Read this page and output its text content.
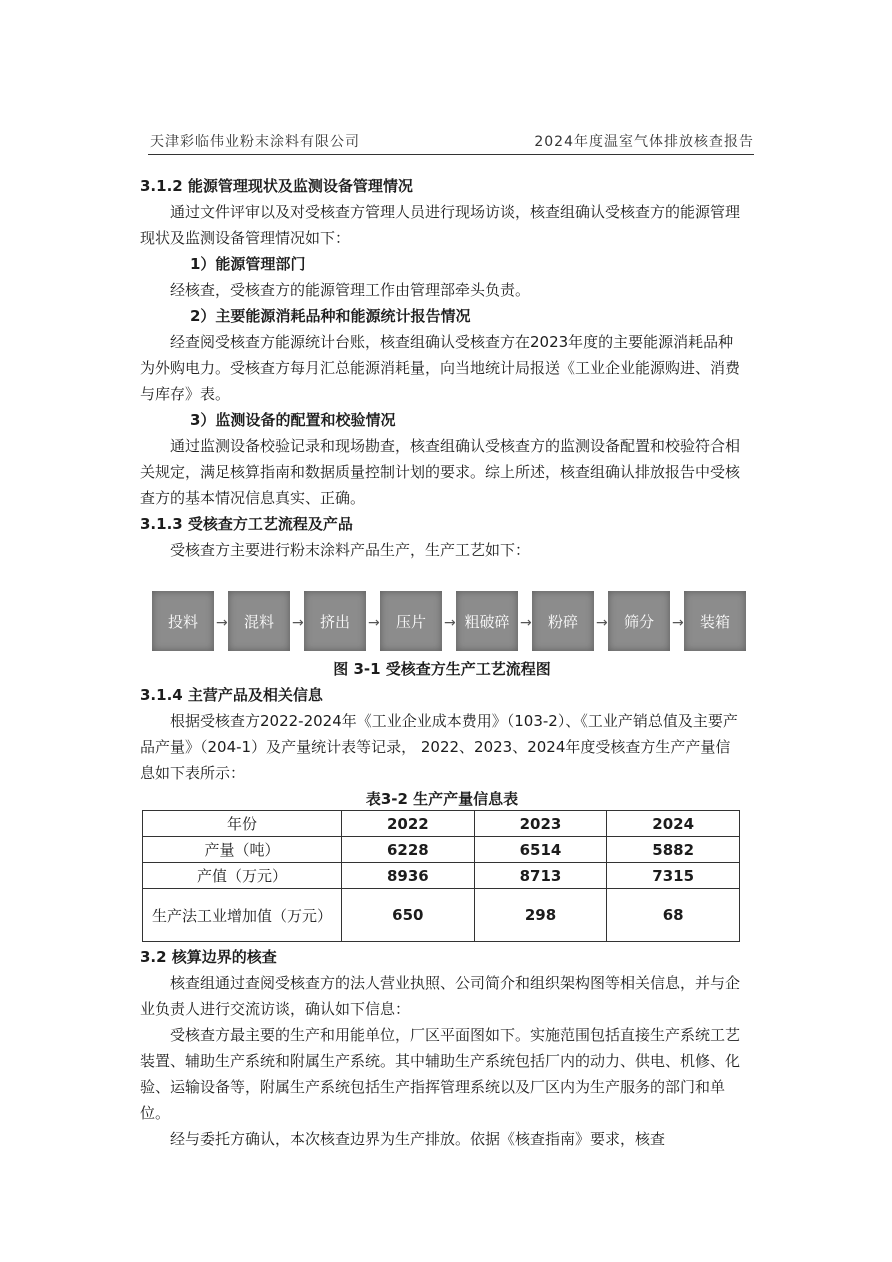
天津彩临伟业粉末涂料有限公司	2024年度温室气体排放核查报告
3.1.2 能源管理现状及监测设备管理情况
通过文件评审以及对受核查方管理人员进行现场访谈，核查组确认受核查方的能源管理现状及监测设备管理情况如下：
1）能源管理部门
经核查，受核查方的能源管理工作由管理部牵头负责。
2）主要能源消耗品种和能源统计报告情况
经查阅受核查方能源统计台账，核查组确认受核查方在2023年度的主要能源消耗品种为外购电力。受核查方每月汇总能源消耗量，向当地统计局报送《工业企业能源购进、消费与库存》表。
3）监测设备的配置和校验情况
通过监测设备校验记录和现场勘查，核查组确认受核查方的监测设备配置和校验符合相关规定，满足核算指南和数据质量控制计划的要求。综上所述，核查组确认排放报告中受核查方的基本情况信息真实、正确。
3.1.3 受核查方工艺流程及产品
受核查方主要进行粉末涂料产品生产，生产工艺如下：
投料	→	混料	→	挤出	→	压片	→ 粗破碎 →	粉碎	→	筛分	→	装箱
图 3-1 受核查方生产工艺流程图
3.1.4 主营产品及相关信息
根据受核查方2022-2024年《工业企业成本费用》（103-2）、《工业产销总值及主要产品产量》（204-1）及产量统计表等记录， 2022、2023、2024年度受核查方生产产量信息如下表所示：
表3-2 生产产量信息表
年份	2022	2023	2024
产量（吨）	6228	6514	5882
产值（万元）	8936	8713	7315
生产法工业增加值（万元）	650	298	68
3.2 核算边界的核查
核查组通过查阅受核查方的法人营业执照、公司简介和组织架构图等相关信息，并与企业负责人进行交流访谈，确认如下信息：
受核查方最主要的生产和用能单位，厂区平面图如下。实施范围包括直接生产系统工艺装置、辅助生产系统和附属生产系统。其中辅助生产系统包括厂内的动力、供电、机修、化验、运输设备等，附属生产系统包括生产指挥管理系统以及厂区内为生产服务的部门和单位。
经与委托方确认，本次核查边界为生产排放。依据《核查指南》要求，核查
